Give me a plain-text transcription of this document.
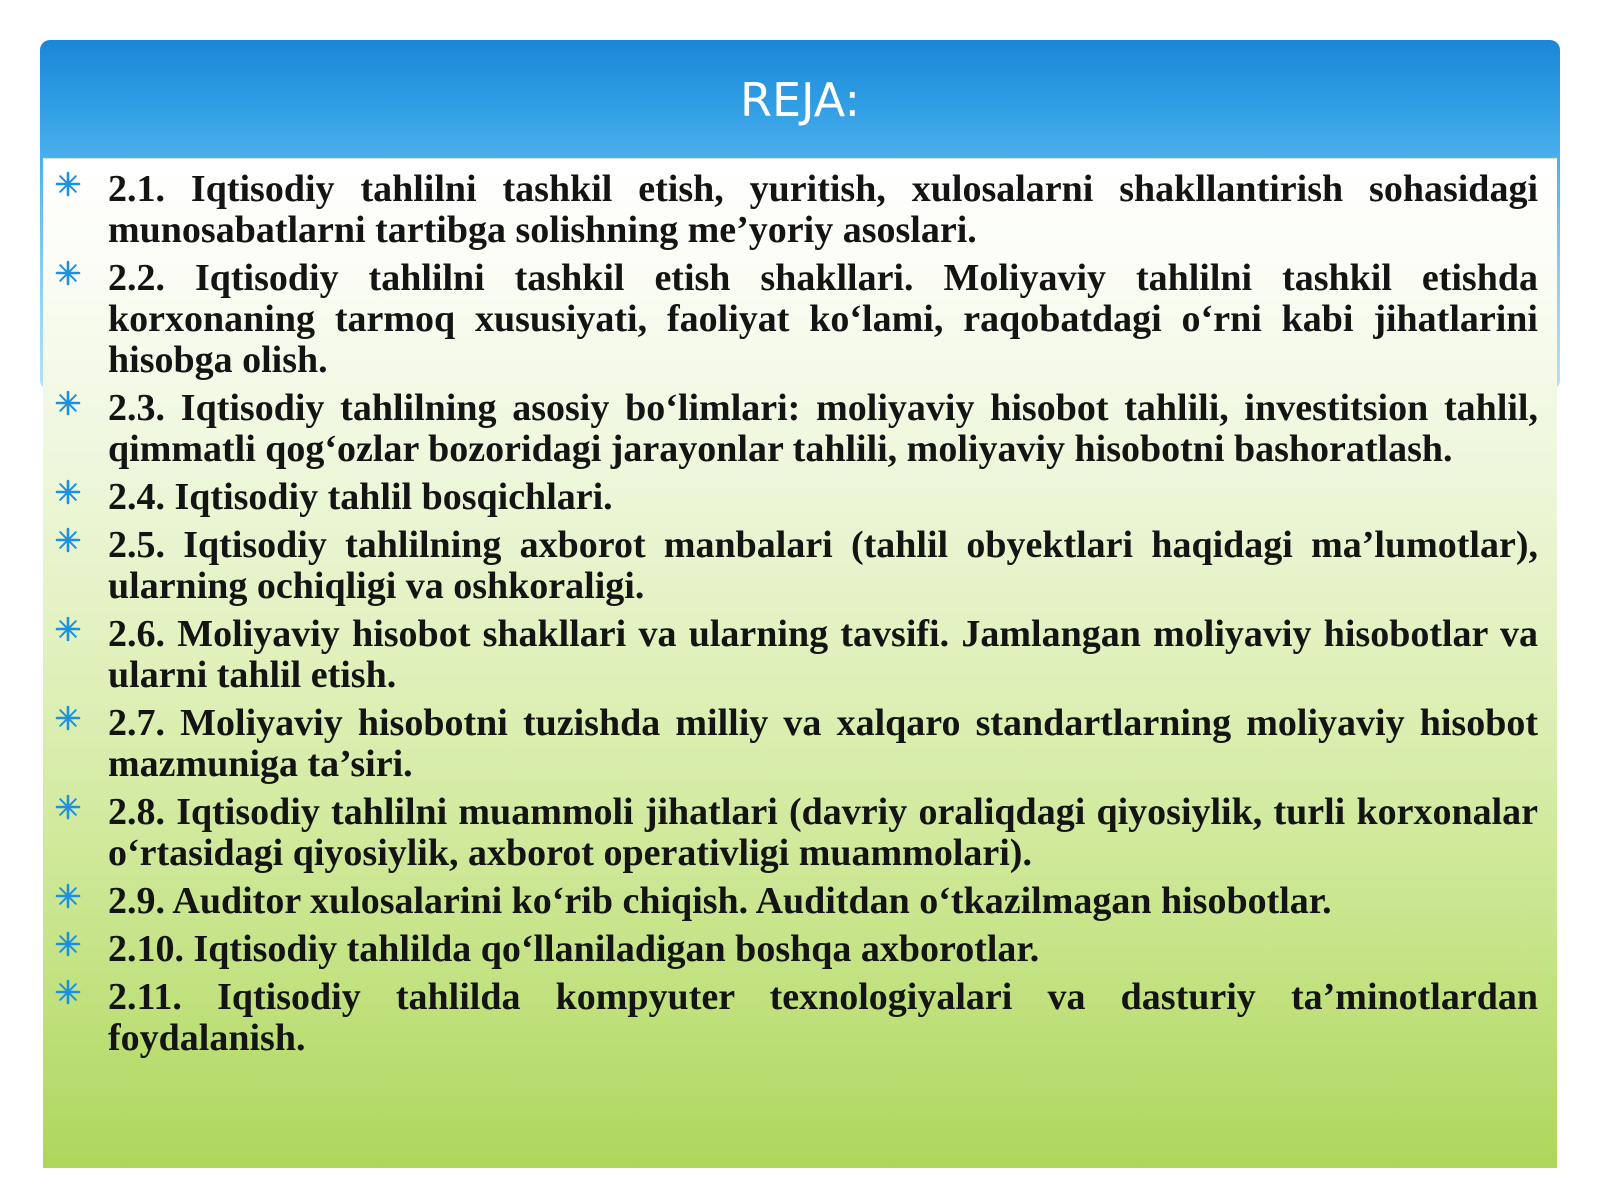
REJA:
2.1. Iqtisodiy tahlilni tashkil etish, yuritish, xulosalarni shakllantirish sohasidagi munosabatlarni tartibga solishning me’yoriy asoslari.
2.2. Iqtisodiy tahlilni tashkil etish shakllari. Moliyaviy tahlilni tashkil etishda korxonaning tarmoq xususiyati, faoliyat ko‘lami, raqobatdagi o‘rni kabi jihatlarini hisobga olish.
2.3. Iqtisodiy tahlilning asosiy bo‘limlari: moliyaviy hisobot tahlili, investitsion tahlil, qimmatli qog‘ozlar bozoridagi jarayonlar tahlili, moliyaviy hisobotni bashoratlash.
2.4. Iqtisodiy tahlil bosqichlari.
2.5. Iqtisodiy tahlilning axborot manbalari (tahlil obyektlari haqidagi ma’lumotlar), ularning ochiqligi va oshkoraligi.
2.6. Moliyaviy hisobot shakllari va ularning tavsifi. Jamlangan moliyaviy hisobotlar va ularni tahlil etish.
2.7. Moliyaviy hisobotni tuzishda milliy va xalqaro standartlarning moliyaviy hisobot mazmuniga ta’siri.
2.8. Iqtisodiy tahlilni muammoli jihatlari (davriy oraliqdagi qiyosiylik, turli korxonalar o‘rtasidagi qiyosiylik, axborot operativligi muammolari).
2.9. Auditor xulosalarini ko‘rib chiqish. Auditdan o‘tkazilmagan hisobotlar.
2.10. Iqtisodiy tahlilda qo‘llaniladigan boshqa axborotlar.
2.11. Iqtisodiy tahlilda kompyuter texnologiyalari va dasturiy ta’minotlardan foydalanish.
